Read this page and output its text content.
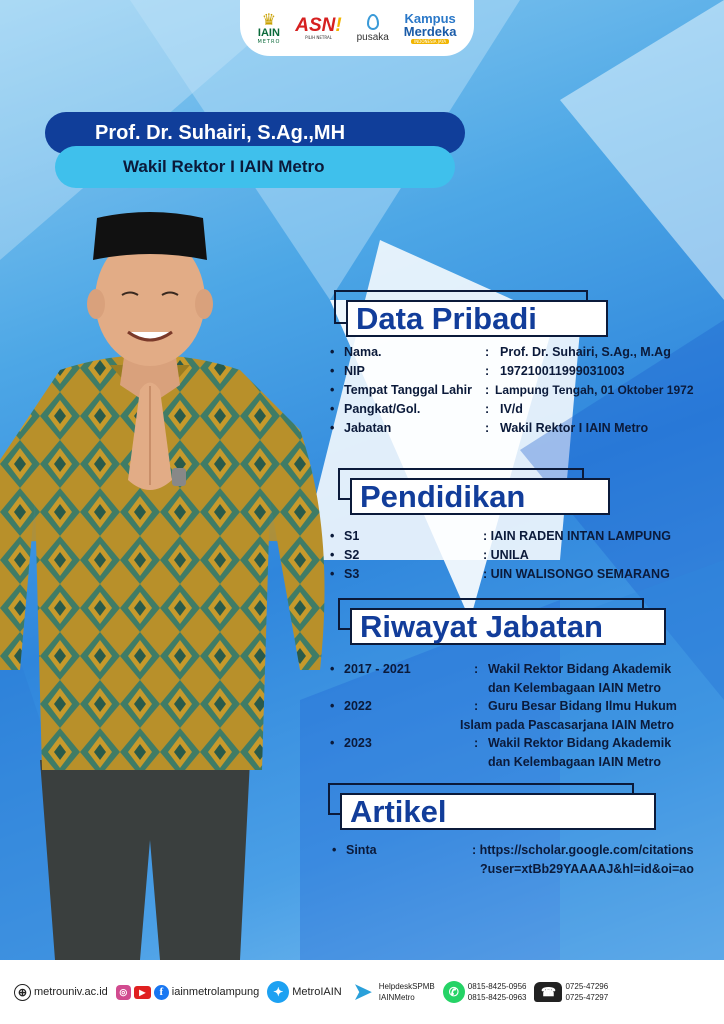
♛
IAIN
METRO
ASN!
PILIH NETRAL pusaka
Kampus
Merdeka
INDONESIA JAYA
Prof. Dr. Suhairi, S.Ag.,MH
Wakil Rektor I IAIN Metro
Data Pribadi
• Nama.	: Prof. Dr. Suhairi, S.Ag., M.Ag
• NIP	: 197210011999031003
• Tempat Tanggal Lahir : Lampung Tengah, 01 Oktober 1972
• Pangkat/Gol.	: IV/d
• Jabatan	: Wakil Rektor I IAIN Metro
Pendidikan
• S1	: IAIN RADEN INTAN LAMPUNG
• S2	: UNILA
• S3	: UIN WALISONGO SEMARANG
Riwayat Jabatan
• 2017 - 2021	: Wakil Rektor Bidang Akademik
dan Kelembagaan IAIN Metro
• 2022	: Guru Besar Bidang Ilmu Hukum
Islam pada Pascasarjana IAIN Metro
• 2023	: Wakil Rektor Bidang Akademik
dan Kelembagaan IAIN Metro
Artikel
• Sinta	: https://scholar.google.com/citations
?user=xtBb29YAAAAJ&hl=id&oi=ao
⊕ metrouniv.ac.id	◎	▶	f iainmetrolampung	✦ MetroIAIN ➤ HelpdeskSPMB
IAINMetro	✆	0815-8425-0956
0815-8425-0963	☎	0725-47296
0725-47297
